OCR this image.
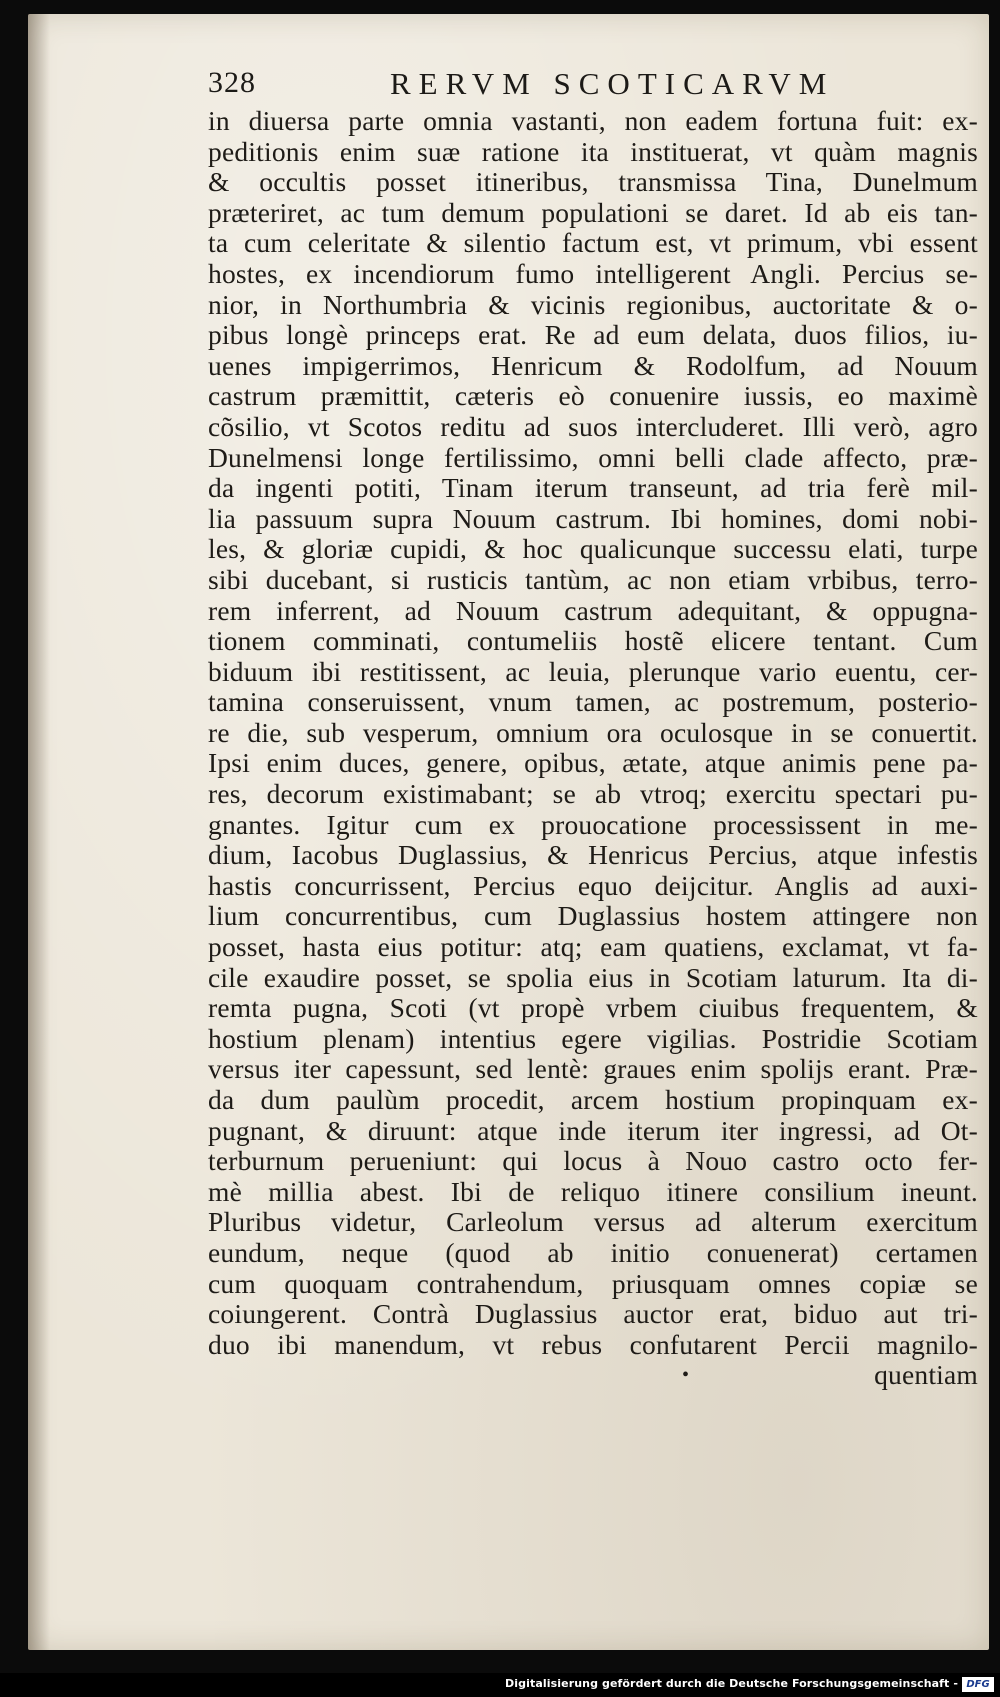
328	RERVM SCOTICARVM
in diuersa parte omnia vastanti, non eadem fortuna fuit: ex-
peditionis enim suæ ratione ita instituerat, vt quàm magnis
& occultis posset itineribus, transmissa Tina, Dunelmum
præteriret, ac tum demum populationi se daret. Id ab eis tan-
ta cum celeritate & silentio factum est, vt primum, vbi essent
hostes, ex incendiorum fumo intelligerent Angli. Percius se-
nior, in Northumbria & vicinis regionibus, auctoritate & o-
pibus longè princeps erat. Re ad eum delata, duos filios, iu-
uenes impigerrimos, Henricum & Rodolfum, ad Nouum
castrum præmittit, cæteris eò conuenire iussis, eo maximè
cõsilio, vt Scotos reditu ad suos intercluderet. Illi verò, agro
Dunelmensi longe fertilissimo, omni belli clade affecto, præ-
da ingenti potiti, Tinam iterum transeunt, ad tria ferè mil-
lia passuum supra Nouum castrum. Ibi homines, domi nobi-
les, & gloriæ cupidi, & hoc qualicunque successu elati, turpe
sibi ducebant, si rusticis tantùm, ac non etiam vrbibus, terro-
rem inferrent, ad Nouum castrum adequitant, & oppugna-
tionem comminati, contumeliis hostẽ elicere tentant. Cum
biduum ibi restitissent, ac leuia, plerunque vario euentu, cer-
tamina conseruissent, vnum tamen, ac postremum, posterio-
re die, sub vesperum, omnium ora oculosque in se conuertit.
Ipsi enim duces, genere, opibus, ætate, atque animis pene pa-
res, decorum existimabant; se ab vtroq; exercitu spectari pu-
gnantes. Igitur cum ex prouocatione processissent in me-
dium, Iacobus Duglassius, & Henricus Percius, atque infestis
hastis concurrissent, Percius equo deijcitur. Anglis ad auxi-
lium concurrentibus, cum Duglassius hostem attingere non
posset, hasta eius potitur: atq; eam quatiens, exclamat, vt fa-
cile exaudire posset, se spolia eius in Scotiam laturum. Ita di-
remta pugna, Scoti (vt propè vrbem ciuibus frequentem, &
hostium plenam) intentius egere vigilias. Postridie Scotiam
versus iter capessunt, sed lentè: graues enim spolijs erant. Præ-
da dum paulùm procedit, arcem hostium propinquam ex-
pugnant, & diruunt: atque inde iterum iter ingressi, ad Ot-
terburnum perueniunt: qui locus à Nouo castro octo fer-
mè millia abest. Ibi de reliquo itinere consilium ineunt.
Pluribus videtur, Carleolum versus ad alterum exercitum
eundum, neque (quod ab initio conuenerat) certamen
cum quoquam contrahendum, priusquam omnes copiæ se
coiungerent. Contrà Duglassius auctor erat, biduo aut tri-
duo ibi manendum, vt rebus confutarent Percii magnilo-
•	quentiam
Digitalisierung gefördert durch die Deutsche Forschungsgemeinschaft - DFG
